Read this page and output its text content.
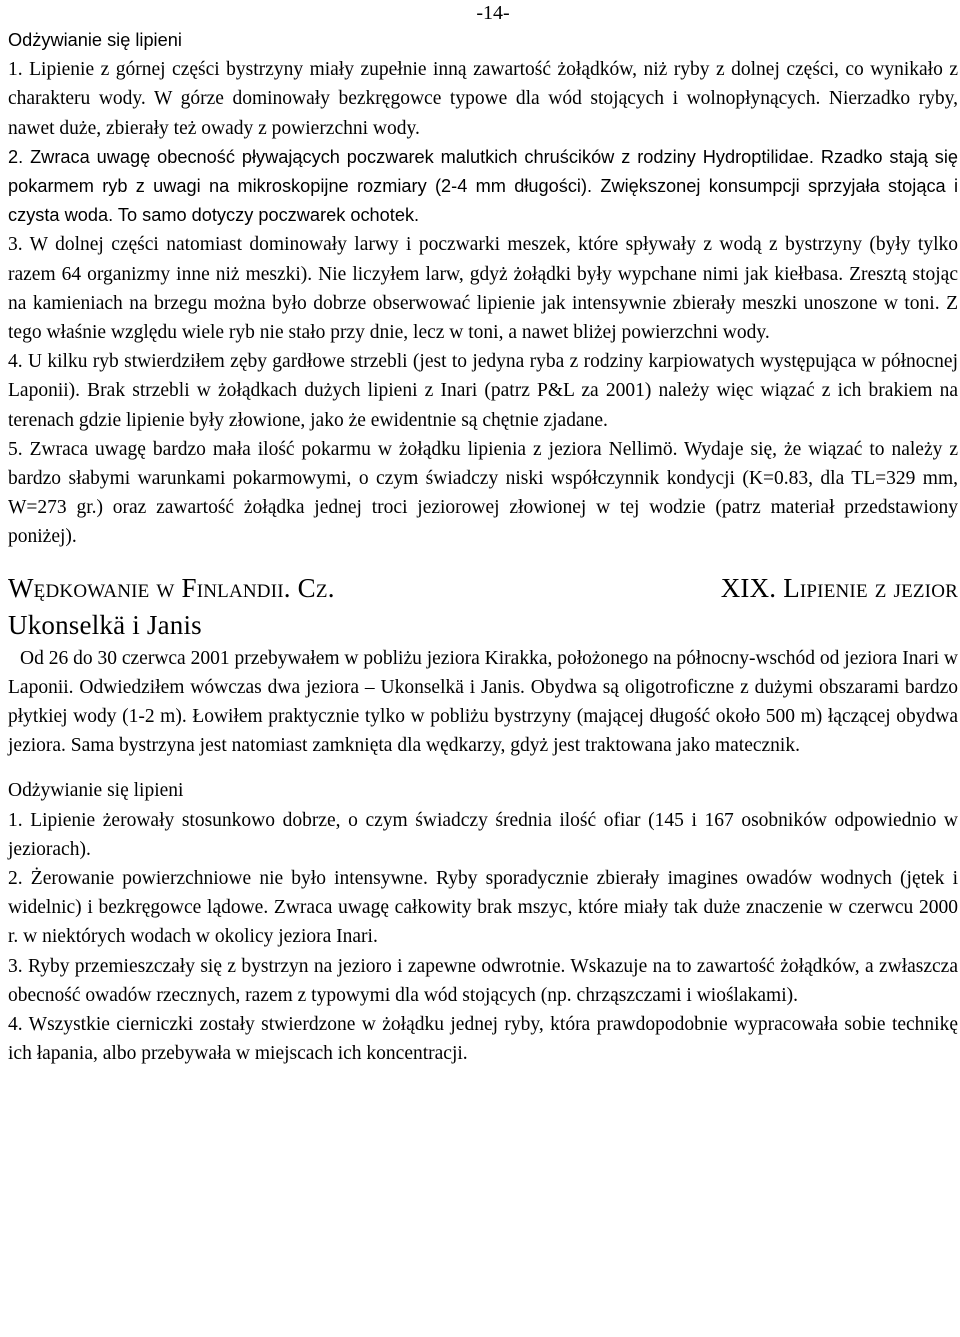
-14-
Odżywianie się lipieni

1. Lipienie z górnej części bystrzyny miały zupełnie inną zawartość żołądków, niż ryby z dolnej części, co wynikało z charakteru wody. W górze dominowały bezkręgowce typowe dla wód stojących i wolnopłynących. Nierzadko ryby, nawet duże, zbierały też owady z powierzchni wody.

2. Zwraca uwagę obecność pływających poczwarek malutkich chruścików z rodziny Hydroptilidae. Rzadko stają się pokarmem ryb z uwagi na mikroskopijne rozmiary (2-4 mm długości). Zwiększonej konsumpcji sprzyjała stojąca i czysta woda. To samo dotyczy poczwarek ochotek.

3. W dolnej części natomiast dominowały larwy i poczwarki meszek, które spływały z wodą z bystrzyny (były tylko razem 64 organizmy inne niż meszki). Nie liczyłem larw, gdyż żołądki były wypchane nimi jak kiełbasa. Zresztą stojąc na kamieniach na brzegu można było dobrze obserwować lipienie jak intensywnie zbierały meszki unoszone w toni. Z tego właśnie względu wiele ryb nie stało przy dnie, lecz w toni, a nawet bliżej powierzchni wody.

4. U kilku ryb stwierdziłem zęby gardłowe strzebli (jest to jedyna ryba z rodziny karpiowatych występująca w północnej Laponii). Brak strzebli w żołądkach dużych lipieni z Inari (patrz P&L za 2001) należy więc wiązać z ich brakiem na terenach gdzie lipienie były złowione, jako że ewidentnie są chętnie zjadane.

5. Zwraca uwagę bardzo mała ilość pokarmu w żołądku lipienia z jeziora Nellimö. Wydaje się, że wiązać to należy z bardzo słabymi warunkami pokarmowymi, o czym świadczy niski współczynnik kondycji (K=0.83, dla TL=329 mm, W=273 gr.) oraz zawartość żołądka jednej troci jeziorowej złowionej w tej wodzie (patrz materiał przedstawiony poniżej).

Wędkowanie w Finlandii. Cz.	XIX. Lipienie z jezior
Ukonselkä i Janis

Od 26 do 30 czerwca 2001 przebywałem w pobliżu jeziora Kirakka, położonego na północny-wschód od jeziora Inari w Laponii. Odwiedziłem wówczas dwa jeziora – Ukonselkä i Janis. Obydwa są oligotroficzne z dużymi obszarami bardzo płytkiej wody (1-2 m). Łowiłem praktycznie tylko w pobliżu bystrzyny (mającej długość około 500 m) łączącej obydwa jeziora. Sama bystrzyna jest natomiast zamknięta dla wędkarzy, gdyż jest traktowana jako matecznik.

Odżywianie się lipieni

1. Lipienie żerowały stosunkowo dobrze, o czym świadczy średnia ilość ofiar (145 i 167 osobników odpowiednio w jeziorach).

2. Żerowanie powierzchniowe nie było intensywne. Ryby sporadycznie zbierały imagines owadów wodnych (jętek i widelnic) i bezkręgowce lądowe. Zwraca uwagę całkowity brak mszyc, które miały tak duże znaczenie w czerwcu 2000 r. w niektórych wodach w okolicy jeziora Inari.

3. Ryby przemieszczały się z bystrzyn na jezioro i zapewne odwrotnie. Wskazuje na to zawartość żołądków, a zwłaszcza obecność owadów rzecznych, razem z typowymi dla wód stojących (np. chrząszczami i wioślakami).

4. Wszystkie cierniczki zostały stwierdzone w żołądku jednej ryby, która prawdopodobnie wypracowała sobie technikę ich łapania, albo przebywała w miejscach ich koncentracji.
